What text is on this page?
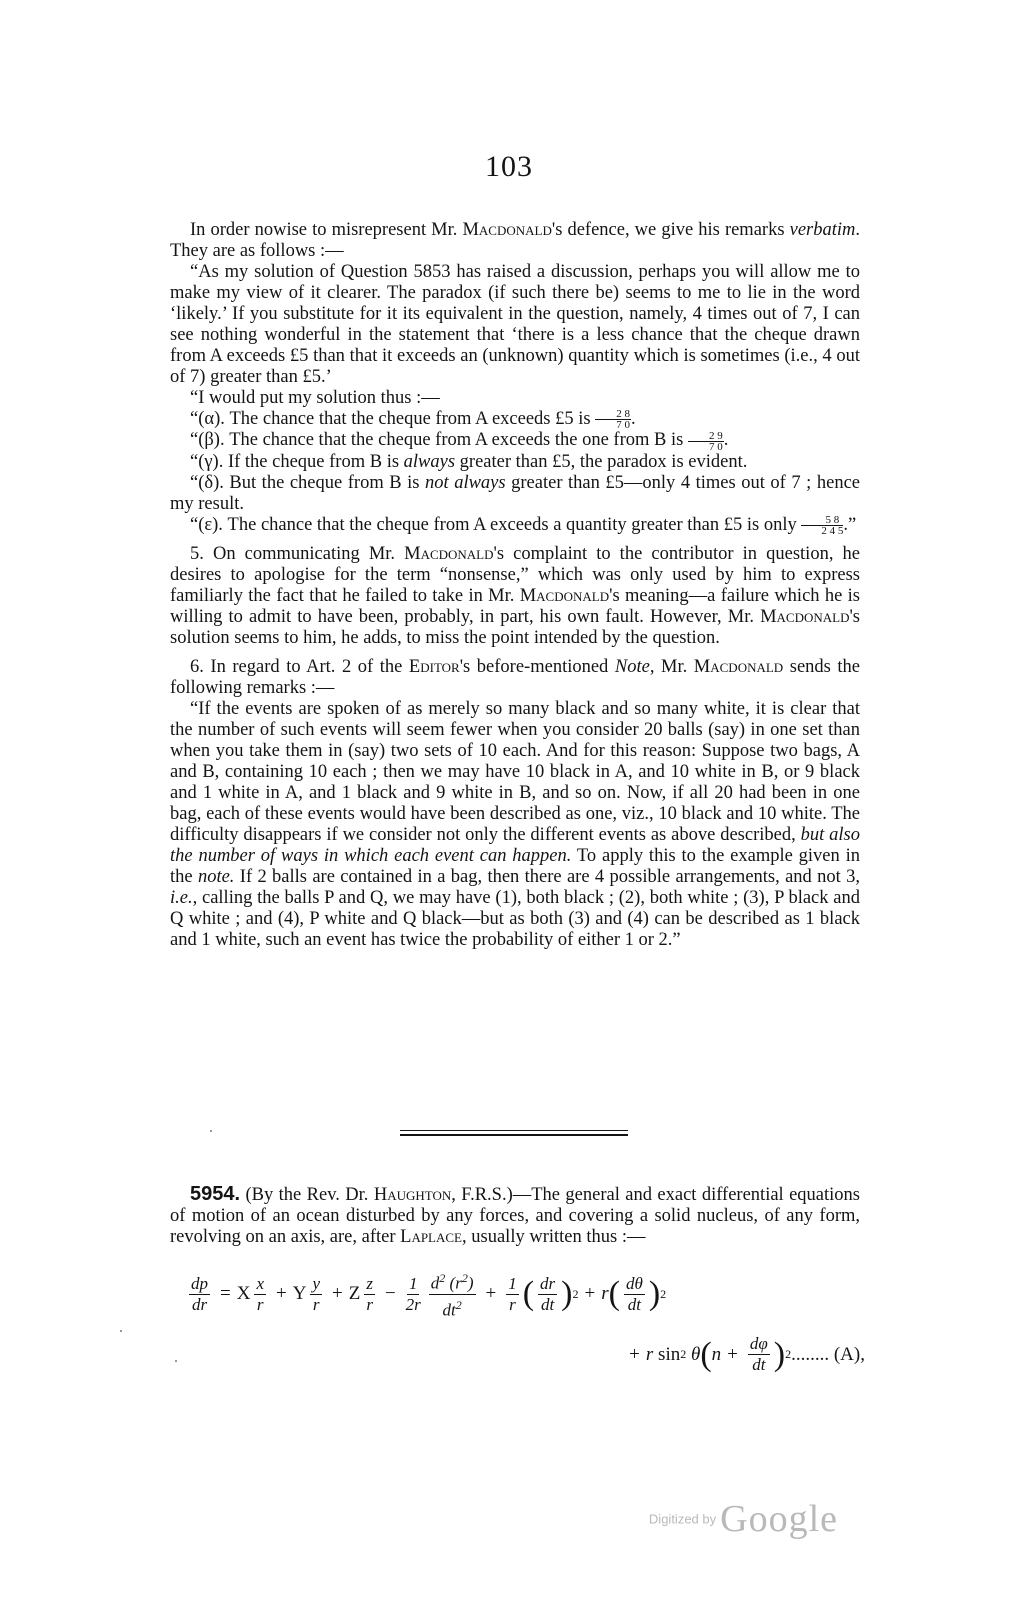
103

In order nowise to misrepresent Mr. Macdonald's defence, we give his remarks verbatim. They are as follows :—

“As my solution of Question 5853 has raised a discussion, perhaps you will allow me to make my view of it clearer. The paradox (if such there be) seems to me to lie in the word ‘likely.’ If you substitute for it its equivalent in the question, namely, 4 times out of 7, I can see nothing wonderful in the statement that ‘there is a less chance that the cheque drawn from A exceeds £5 than that it exceeds an (unknown) quantity which is sometimes (i.e., 4 out of 7) greater than £5.’

“I would put my solution thus :—

“(α). The chance that the cheque from A exceeds £5 is $\frac{2 8}{7 0}$ .

“(β). The chance that the cheque from A exceeds the one from B is $\frac{2 9}{7 0}$ .

“(γ). If the cheque from B is always greater than £5, the paradox is evident.

“(δ). But the cheque from B is not always greater than £5—only 4 times out of 7 ; hence my result.

“(ε). The chance that the cheque from A exceeds a quantity greater than £5 is only $\frac{5 8}{2 4 5}$ .”

5. On communicating Mr. Macdonald's complaint to the contributor in question, he desires to apologise for the term “nonsense,” which was only used by him to express familiarly the fact that he failed to take in Mr. Macdonald's meaning—a failure which he is willing to admit to have been, probably, in part, his own fault. However, Mr. Macdonald's solution seems to him, he adds, to miss the point intended by the question.

6. In regard to Art. 2 of the Editor's before-mentioned Note, Mr. Macdonald sends the following remarks :—

“If the events are spoken of as merely so many black and so many white, it is clear that the number of such events will seem fewer when you consider 20 balls (say) in one set than when you take them in (say) two sets of 10 each. And for this reason: Suppose two bags, A and B, containing 10 each ; then we may have 10 black in A, and 10 white in B, or 9 black and 1 white in A, and 1 black and 9 white in B, and so on. Now, if all 20 had been in one bag, each of these events would have been described as one, viz., 10 black and 10 white. The difficulty disappears if we consider not only the different events as above described, but also the number of ways in which each event can happen. To apply this to the example given in the note. If 2 balls are contained in a bag, then there are 4 possible arrangements, and not 3, i.e., calling the balls P and Q, we may have (1), both black ; (2), both white ; (3), P black and Q white ; and (4), P white and Q black—but as both (3) and (4) can be described as 1 black and 1 white, such an event has twice the probability of either 1 or 2.”

5954. (By the Rev. Dr. Haughton, F.R.S.)—The general and exact differential equations of motion of an ocean disturbed by any forces, and covering a solid nucleus, of any form, revolving on an axis, are, after Laplace, usually written thus :—

$\frac{dp}{dr} = X \frac{x}{r} + Y \frac{y}{r} + Z \frac{z}{r} - \frac{1}{2r} d^2$ $(r^2)$
$dt^2$
+ $\frac{1}{r}$ ( dr
dt ) 2 + r ( dθ
dt ) 2
+ r sin 2
θ ( $n + \frac{d\varphi}{dt}$ ) 2 ........ (A),
Digitized by Google
